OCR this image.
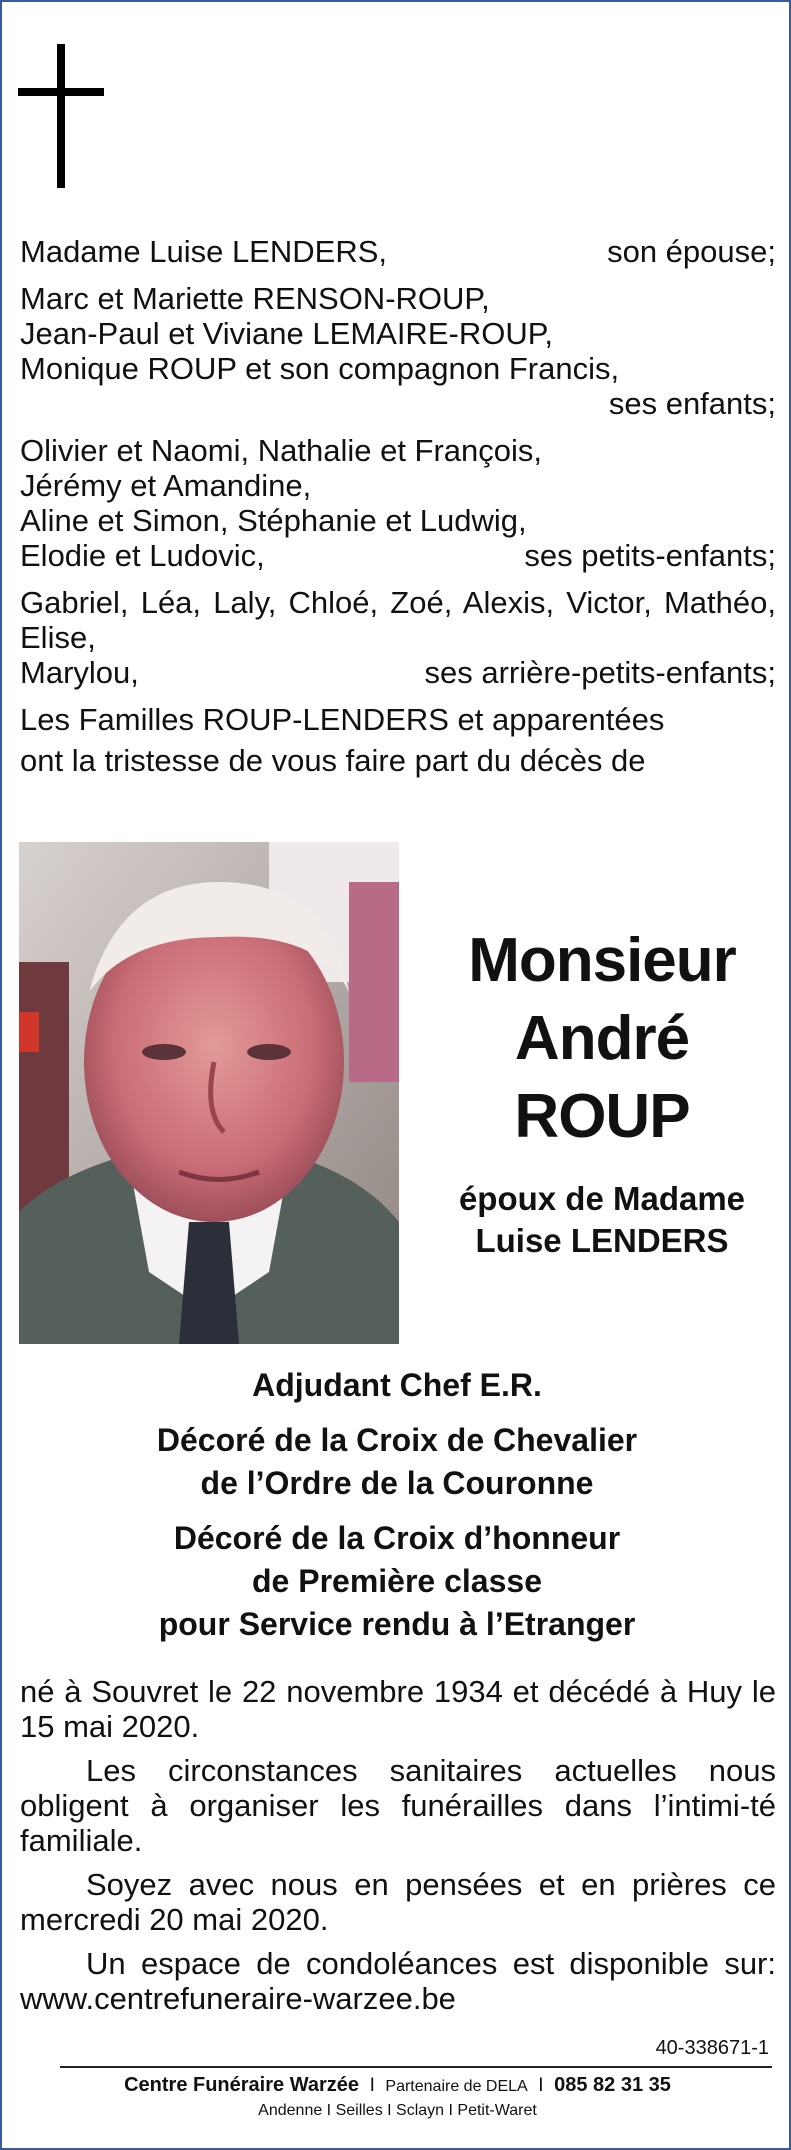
Madame Luise LENDERS,	son épouse;
Marc et Mariette RENSON-ROUP,
Jean-Paul et Viviane LEMAIRE-ROUP,
Monique ROUP et son compagnon Francis,
ses enfants;
Olivier et Naomi, Nathalie et François,
Jérémy et Amandine,
Aline et Simon, Stéphanie et Ludwig,
Elodie et Ludovic,	ses petits-enfants;
Gabriel, Léa, Laly, Chloé, Zoé, Alexis, Victor, Mathéo,
Elise,
Marylou,	ses arrière-petits-enfants;
Les Familles ROUP-LENDERS et apparentées
ont la tristesse de vous faire part du décès de
Monsieur
André
ROUP
époux de Madame
Luise LENDERS
Adjudant Chef E.R.
Décoré de la Croix de Chevalier
de l’Ordre de la Couronne
Décoré de la Croix d’honneur
de Première classe
pour Service rendu à l’Etranger

né à Souvret le 22 novembre 1934 et décédé à Huy le 15 mai 2020.

Les circonstances sanitaires actuelles nous obligent à organiser les funérailles dans l’intimi-té familiale.

Soyez avec nous en pensées et en prières ce mercredi 20 mai 2020.

Un espace de condoléances est disponible sur: www.centrefuneraire-warzee.be

40-338671-1
Centre Funéraire Warzée I Partenaire de DELA I 085 82 31 35
Andenne I Seilles I Sclayn I Petit-Waret
